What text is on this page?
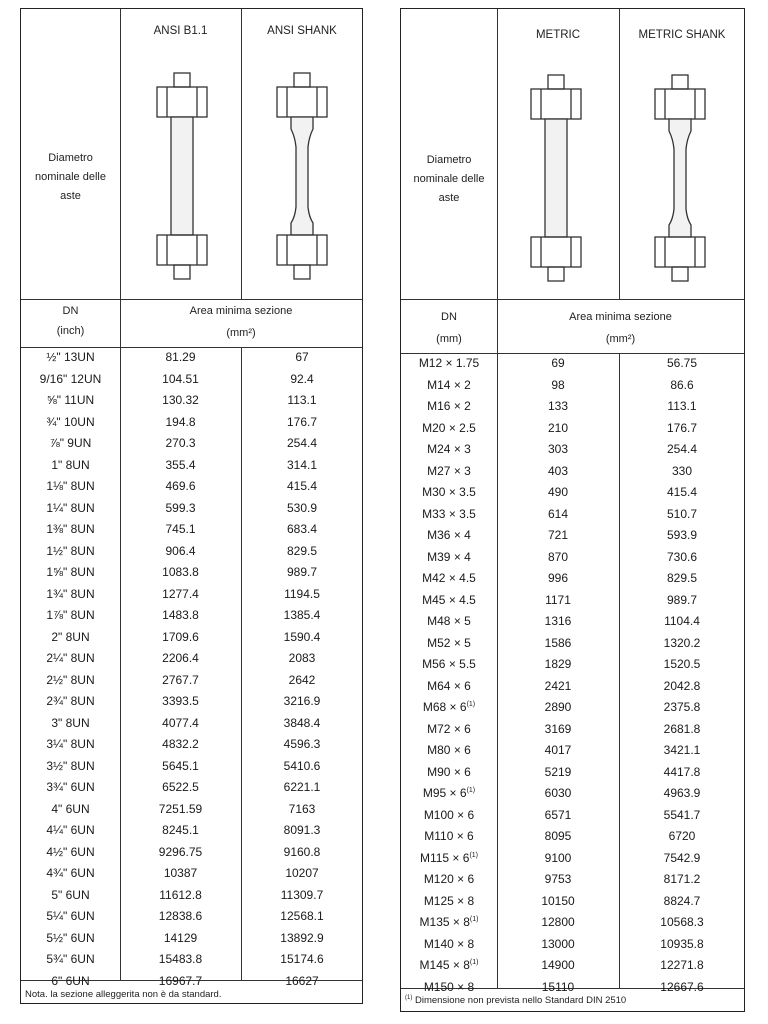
Diametro
nominale delle
aste
ANSI B1.1	ANSI SHANK
DN
(inch)
Area minima sezione
(mm²)
½" 13UN	81.29	67
9/16" 12UN	104.51	92.4
⅝" 11UN	130.32	113.1
¾" 10UN	194.8	176.7
⅞" 9UN	270.3	254.4
1" 8UN	355.4	314.1
1⅛" 8UN	469.6	415.4
1¼" 8UN	599.3	530.9
1⅜" 8UN	745.1	683.4
1½" 8UN	906.4	829.5
1⅝" 8UN	1083.8	989.7
1¾" 8UN	1277.4	1194.5
1⅞" 8UN	1483.8	1385.4
2" 8UN	1709.6	1590.4
2¼" 8UN	2206.4	2083
2½" 8UN	2767.7	2642
2¾" 8UN	3393.5	3216.9
3" 8UN	4077.4	3848.4
3¼" 8UN	4832.2	4596.3
3½" 8UN	5645.1	5410.6
3¾" 6UN	6522.5	6221.1
4" 6UN	7251.59	7163
4¼" 6UN	8245.1	8091.3
4½" 6UN	9296.75	9160.8
4¾" 6UN	10387	10207
5" 6UN	11612.8	11309.7
5¼" 6UN	12838.6	12568.1
5½" 6UN	14129	13892.9
5¾" 6UN	15483.8	15174.6
6" 6UN	16967.7	16627
Nota. la sezione alleggerita non è da standard.
Diametro
nominale delle
aste
METRIC	METRIC SHANK
DN
(mm)
Area minima sezione
(mm²)
M12 × 1.75	69	56.75
M14 × 2	98	86.6
M16 × 2	133	113.1
M20 × 2.5	210	176.7
M24 × 3	303	254.4
M27 × 3	403	330
M30 × 3.5	490	415.4
M33 × 3.5	614	510.7
M36 × 4	721	593.9
M39 × 4	870	730.6
M42 × 4.5	996	829.5
M45 × 4.5	1171	989.7
M48 × 5	1316	1104.4
M52 × 5	1586	1320.2
M56 × 5.5	1829	1520.5
M64 × 6	2421	2042.8
$M68 \times 6^{(1)}$	2890	2375.8
M72 × 6	3169	2681.8
M80 × 6	4017	3421.1
M90 × 6	5219	4417.8
$M95 \times 6^{(1)}$	6030	4963.9
M100 × 6	6571	5541.7
M110 × 6	8095	6720
$M115 \times 6^{(1)}$	9100	7542.9
M120 × 6	9753	8171.2
M125 × 8	10150	8824.7
$M135 \times 8^{(1)}$	12800	10568.3
M140 × 8	13000	10935.8
$M145 \times 8^{(1)}$	14900	12271.8
M150 × 8	15110	12667.6
$^{(1)}$ Dimensione non prevista nello Standard DIN 2510
